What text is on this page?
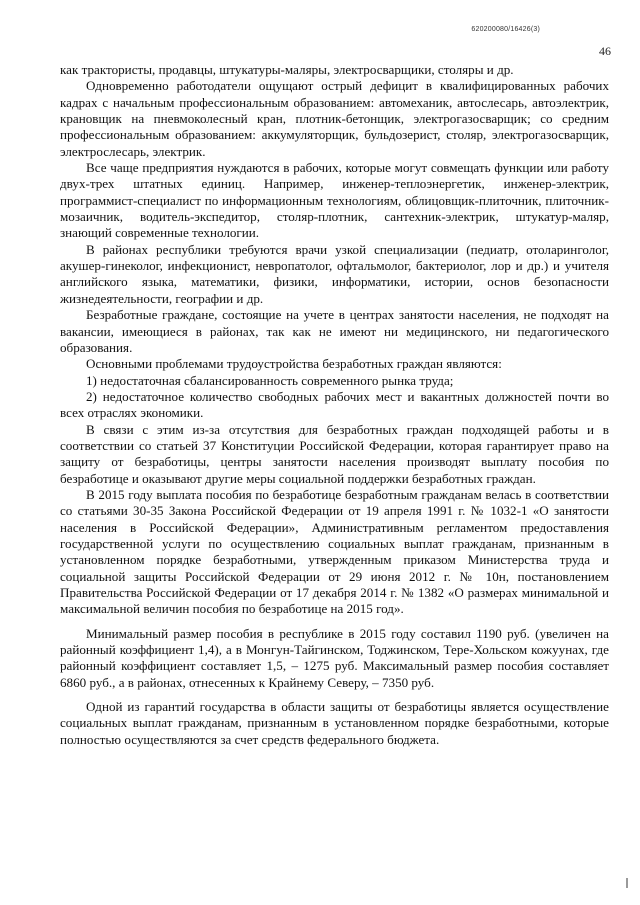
620200080/16426(3)
46

как трактористы, продавцы, штукатуры-маляры, электросварщики, столяры и др.

Одновременно работодатели ощущают острый дефицит в квалифицированных рабочих кадрах с начальным профессиональным образованием: автомеханик, автослесарь, автоэлектрик, крановщик на пневмоколесный кран, плотник-бетонщик, электрогазосварщик; со средним профессиональным образованием: аккумуляторщик, бульдозерист, столяр, электрогазосварщик, электрослесарь, электрик.

Все чаще предприятия нуждаются в рабочих, которые могут совмещать функции или работу двух-трех штатных единиц. Например, инженер-теплоэнергетик, инженер-электрик, программист-специалист по информационным технологиям, облицовщик-плиточник, плиточник-мозаичник, водитель-экспедитор, столяр-плотник, сантехник-электрик, штукатур-маляр, знающий современные технологии.

В районах республики требуются врачи узкой специализации (педиатр, отоларинголог, акушер-гинеколог, инфекционист, невропатолог, офтальмолог, бактериолог, лор и др.) и учителя английского языка, математики, физики, информатики, истории, основ безопасности жизнедеятельности, географии и др.

Безработные граждане, состоящие на учете в центрах занятости населения, не подходят на вакансии, имеющиеся в районах, так как не имеют ни медицинского, ни педагогического образования.

Основными проблемами трудоустройства безработных граждан являются:

1) недостаточная сбалансированность современного рынка труда;

2) недостаточное количество свободных рабочих мест и вакантных должностей почти во всех отраслях экономики.

В связи с этим из-за отсутствия для безработных граждан подходящей работы и в соответствии со статьей 37 Конституции Российской Федерации, которая гарантирует право на защиту от безработицы, центры занятости населения производят выплату пособия по безработице и оказывают другие меры социальной поддержки безработных граждан.

В 2015 году выплата пособия по безработице безработным гражданам велась в соответствии со статьями 30-35 Закона Российской Федерации от 19 апреля 1991 г. № 1032-1 «О занятости населения в Российской Федерации», Административным регламентом предоставления государственной услуги по осуществлению социальных выплат гражданам, признанным в установленном порядке безработными, утвержденным приказом Министерства труда и социальной защиты Российской Федерации от 29 июня 2012 г. № 10н, постановлением Правительства Российской Федерации от 17 декабря 2014 г. № 1382 «О размерах минимальной и максимальной величин пособия по безработице на 2015 год».

Минимальный размер пособия в республике в 2015 году составил 1190 руб. (увеличен на районный коэффициент 1,4), а в Монгун-Тайгинском, Тоджинском, Тере-Хольском кожуунах, где районный коэффициент составляет 1,5, – 1275 руб. Максимальный размер пособия составляет 6860 руб., а в районах, отнесенных к Крайнему Северу, – 7350 руб.

Одной из гарантий государства в области защиты от безработицы является осуществление социальных выплат гражданам, признанным в установленном порядке безработными, которые полностью осуществляются за счет средств федерального бюджета.
